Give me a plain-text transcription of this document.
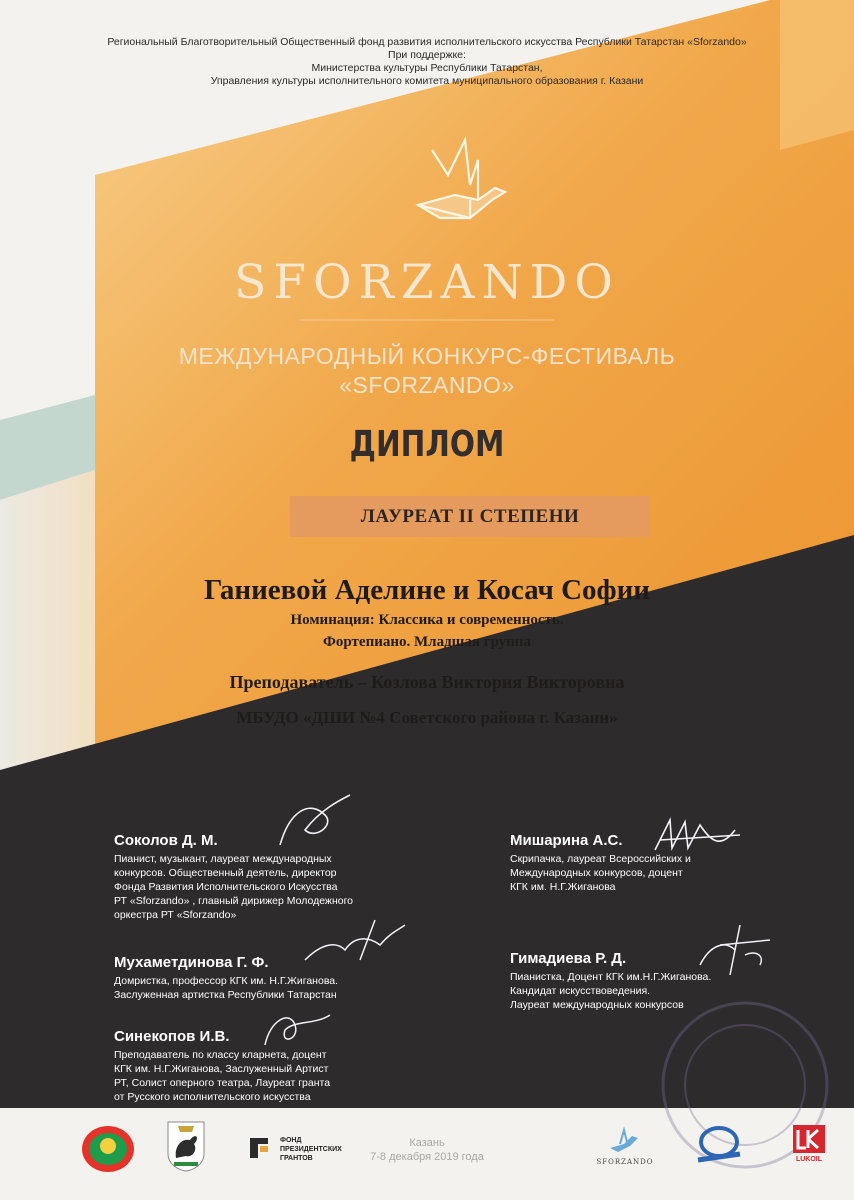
Региональный Благотворительный Общественный фонд развития исполнительского искусства Республики Татарстан «Sforzando»
При поддержке:
Министерства культуры Республики Татарстан,
Управления культуры исполнительного комитета муниципального образования г. Казани
SFORZANDO
МЕЖДУНАРОДНЫЙ КОНКУРС-ФЕСТИВАЛЬ
«SFORZANDO»
ДИПЛОМ
ЛАУРЕАТ II СТЕПЕНИ
Ганиевой Аделине и Косач Софии
Номинация: Классика и современность.
Фортепиано. Младшая группа
Преподаватель – Козлова Виктория Викторовна
МБУДО «ДШИ №4 Советского района г. Казани»
Соколов Д. М.
Пианист, музыкант, лауреат международных
конкурсов. Общественный деятель, директор
Фонда Развития Исполнительского Искусства
РТ «Sforzando» , главный дирижер Молодежного
оркестра РТ «Sforzando»
Мухаметдинова Г. Ф.
Домристка, профессор КГК им. Н.Г.Жиганова.
Заслуженная артистка Республики Татарстан
Синекопов И.В.
Преподаватель по классу кларнета, доцент
КГК им. Н.Г.Жиганова, Заслуженный Артист
РТ, Солист оперного театра, Лауреат гранта
от Русского исполнительского искусства
Мишарина А.С.
Скрипачка, лауреат Всероссийских и
Международных конкурсов, доцент
КГК им. Н.Г.Жиганова
Гимадиева Р. Д.
Пианистка, Доцент КГК им.Н.Г.Жиганова.
Кандидат искусствоведения.
Лауреат международных конкурсов
ФОНД
ПРЕЗИДЕНТСКИХ
ГРАНТОВ
Казань
7-8 декабря 2019 года	SFORZANDO	LUKOIL
